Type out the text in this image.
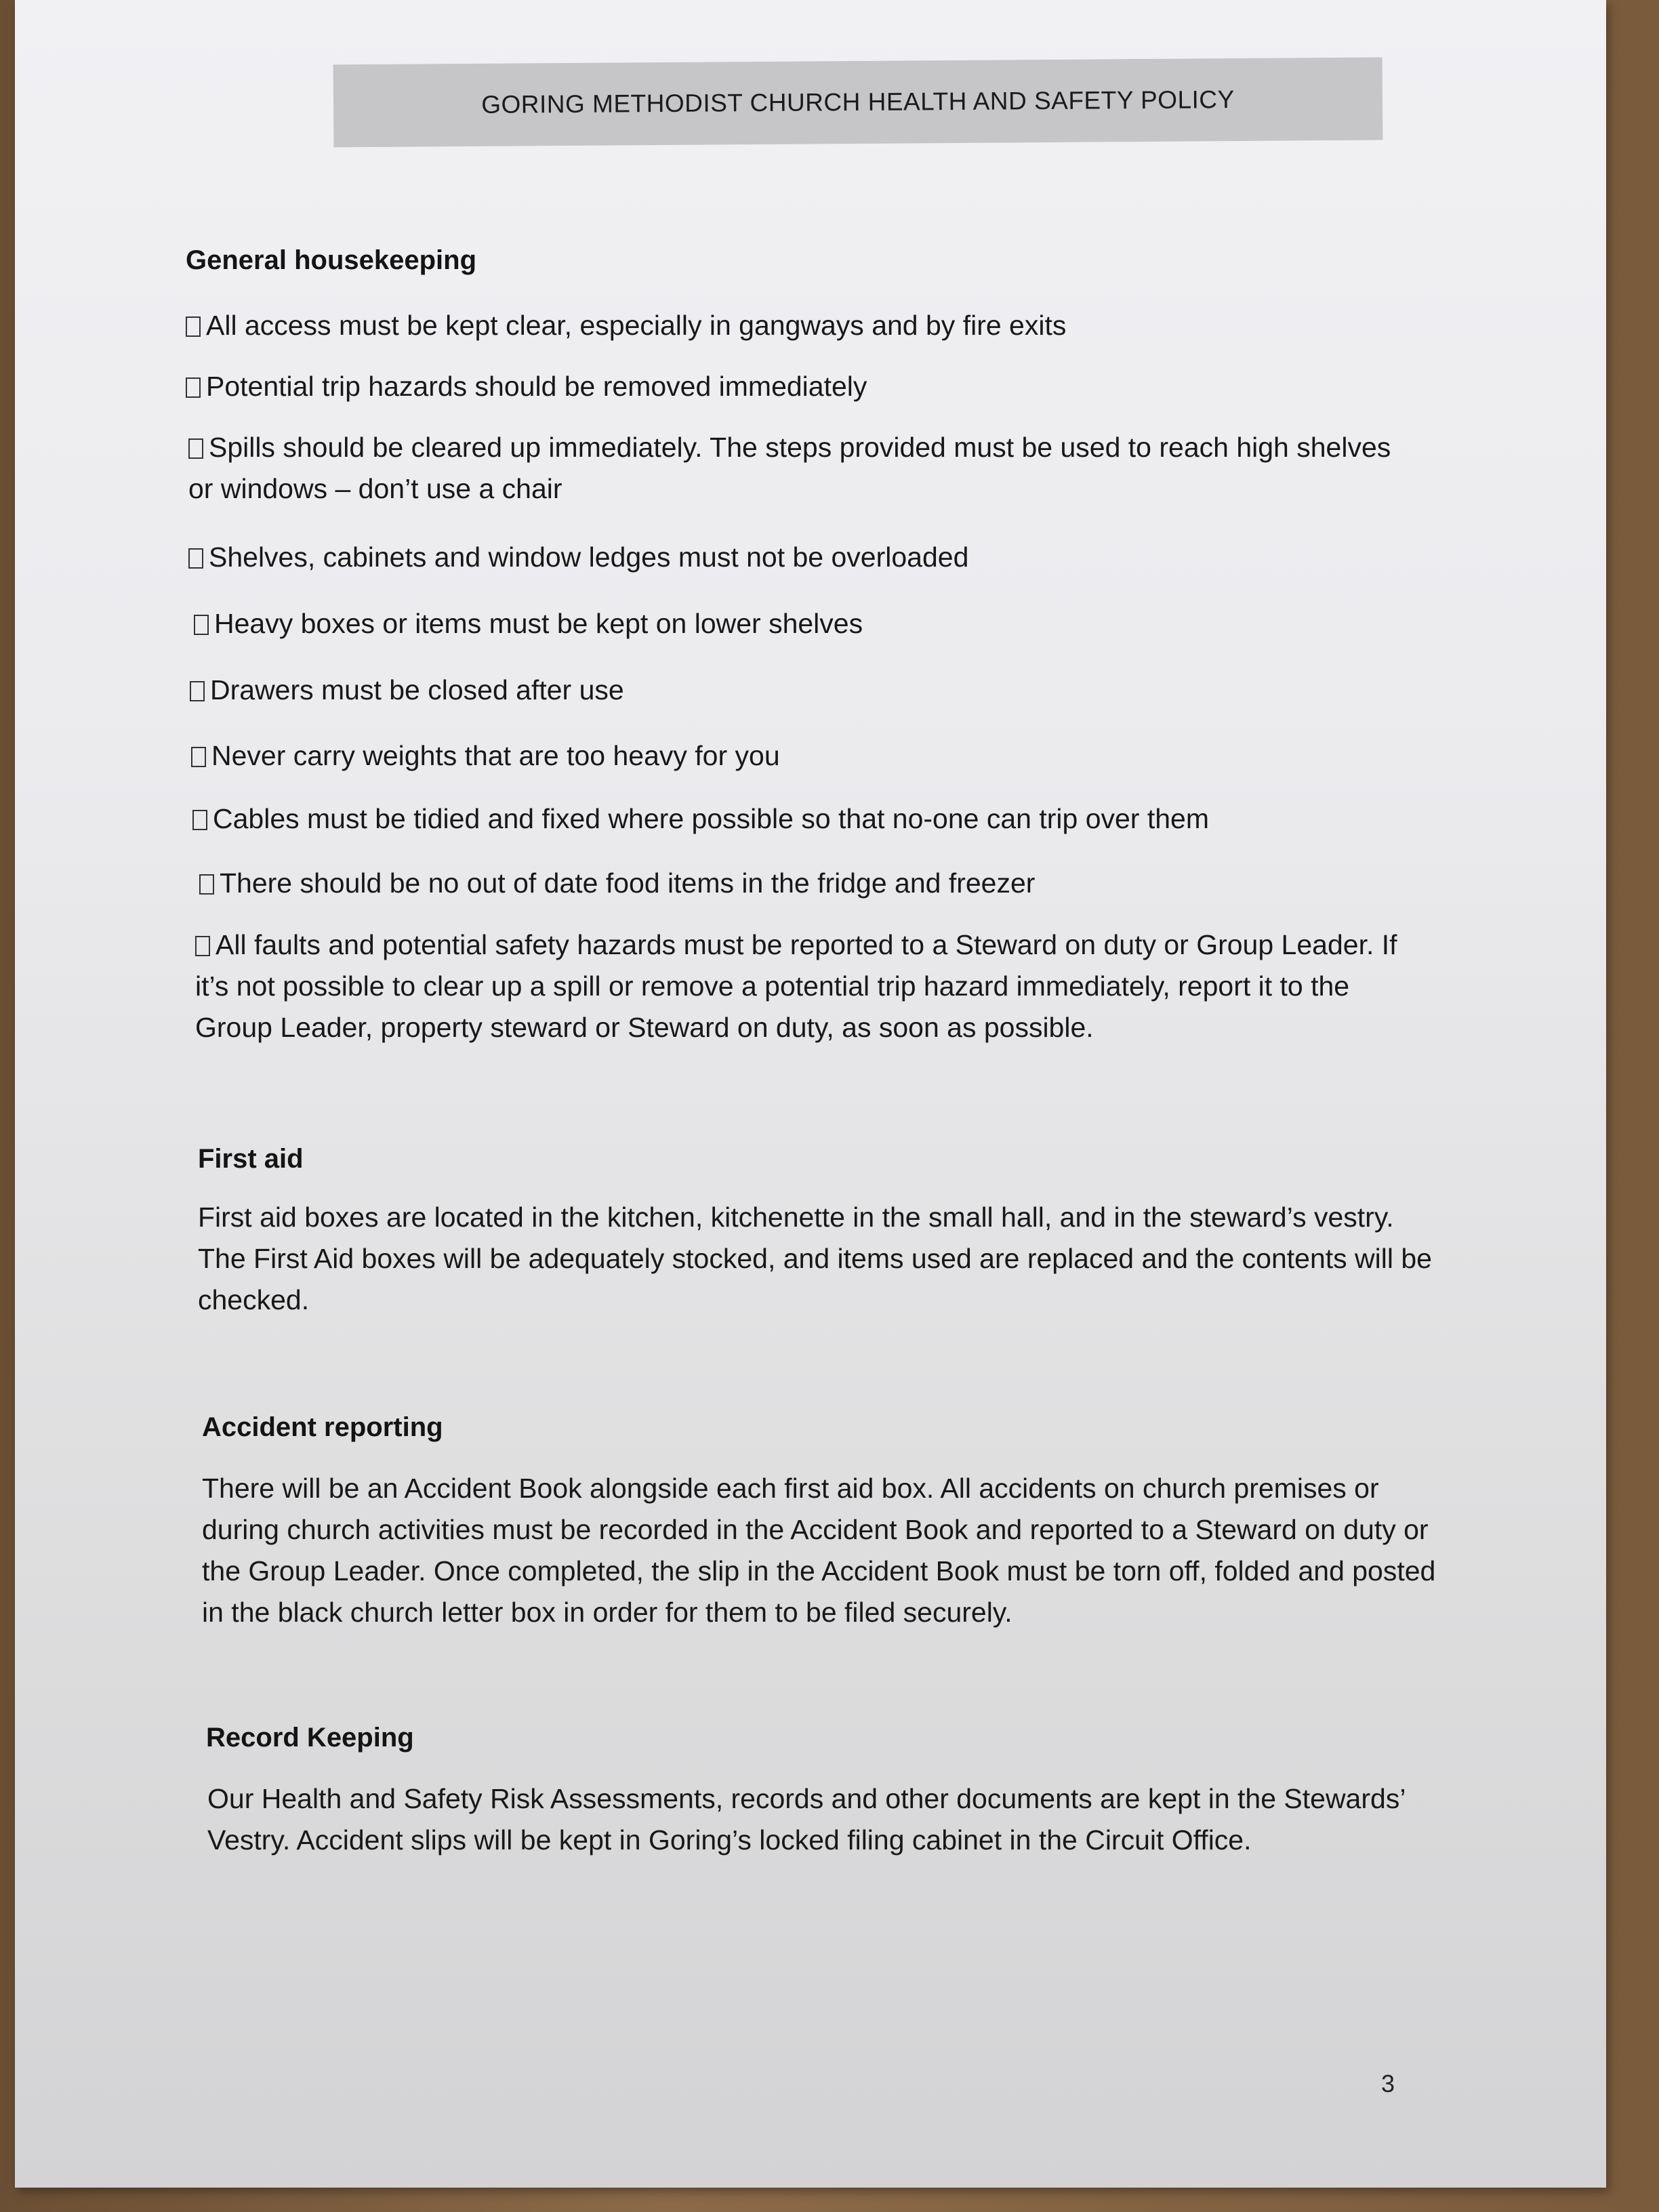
GORING METHODIST CHURCH HEALTH AND SAFETY POLICY
General housekeeping
All access must be kept clear, especially in gangways and by fire exits
Potential trip hazards should be removed immediately
Spills should be cleared up immediately. The steps provided must be used to reach high shelves or windows – don’t use a chair
Shelves, cabinets and window ledges must not be overloaded
Heavy boxes or items must be kept on lower shelves
Drawers must be closed after use
Never carry weights that are too heavy for you
Cables must be tidied and fixed where possible so that no-one can trip over them
There should be no out of date food items in the fridge and freezer
All faults and potential safety hazards must be reported to a Steward on duty or Group Leader. If it’s not possible to clear up a spill or remove a potential trip hazard immediately, report it to the Group Leader, property steward or Steward on duty, as soon as possible.
First aid
First aid boxes are located in the kitchen, kitchenette in the small hall, and in the steward’s vestry. The First Aid boxes will be adequately stocked, and items used are replaced and the contents will be checked.
Accident reporting
There will be an Accident Book alongside each first aid box. All accidents on church premises or during church activities must be recorded in the Accident Book and reported to a Steward on duty or the Group Leader. Once completed, the slip in the Accident Book must be torn off, folded and posted in the black church letter box in order for them to be filed securely.
Record Keeping
Our Health and Safety Risk Assessments, records and other documents are kept in the Stewards’ Vestry. Accident slips will be kept in Goring’s locked filing cabinet in the Circuit Office.
3
